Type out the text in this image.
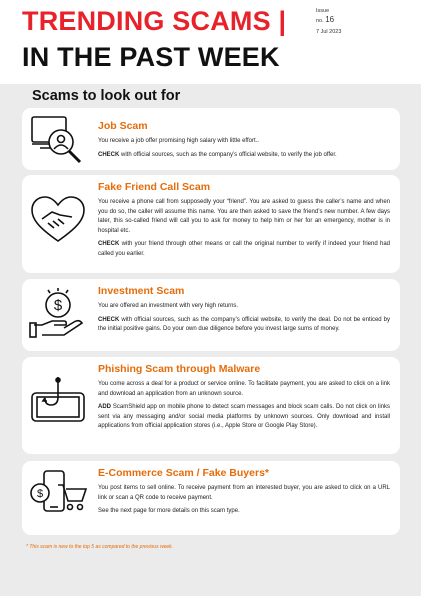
TRENDING SCAMS |
IN THE PAST WEEK
Issue
no. 16
7 Jul 2023
Scams to look out for
Job Scam

You receive a job offer promising high salary with little effort..

CHECK with official sources, such as the company’s official website, to verify the job offer.

Fake Friend Call Scam

You receive a phone call from supposedly your “friend”. You are asked to guess the caller’s name and when you do so, the caller will assume this name. You are then asked to save the friend’s new number. A few days later, this so-called friend will call you to ask for money to help him or her for an emergency, mother is in hospital etc.

CHECK with your friend through other means or call the original number to verify if indeed your friend had called you earlier.

$
Investment Scam

You are offered an investment with very high returns.

CHECK with official sources, such as the company’s official website, to verify the deal. Do not be enticed by the initial positive gains. Do your own due diligence before you invest large sums of money.

Phishing Scam through Malware

You come across a deal for a product or service online. To facilitate payment, you are asked to click on a link and download an application from an unknown source.

ADD ScamShield app on mobile phone to detect scam messages and block scam calls. Do not click on links sent via any messaging and/or social media platforms by unknown sources. Only download and install applications from official application stores (i.e., Apple Store or Google Play Store).

$
E-Commerce Scam / Fake Buyers*

You post items to sell online. To receive payment from an interested buyer, you are asked to click on a URL link or scan a QR code to receive payment.

See the next page for more details on this scam type.

* This scam is new to the top 5 as compared to the previous week.
